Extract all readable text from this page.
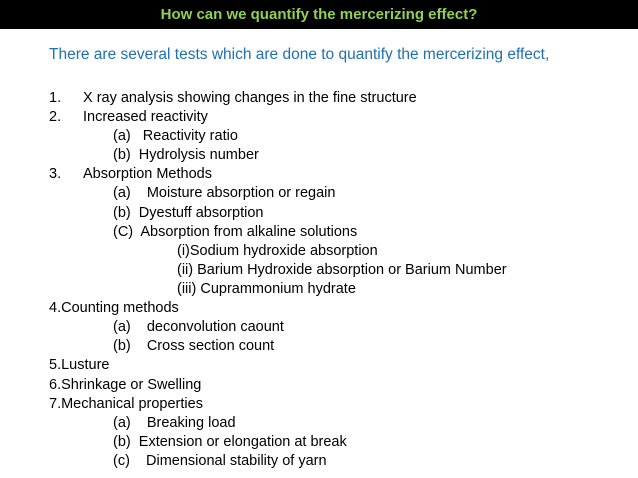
How can we quantify the mercerizing effect?
There are several tests which are done to quantify the mercerizing effect,
1. X ray analysis showing changes in the fine structure
2. Increased reactivity
(a)   Reactivity ratio
(b)  Hydrolysis number
3. Absorption Methods
(a)    Moisture absorption or regain
(b)  Dyestuff absorption
(C)  Absorption from alkaline solutions
(i)Sodium hydroxide absorption
(ii) Barium Hydroxide absorption or Barium Number
(iii) Cuprammonium hydrate
4.Counting methods
(a)    deconvolution caount
(b)    Cross section count
5.Lusture
6.Shrinkage or Swelling
7.Mechanical properties
(a)    Breaking load
(b)  Extension or elongation at break
(c)    Dimensional stability of yarn
